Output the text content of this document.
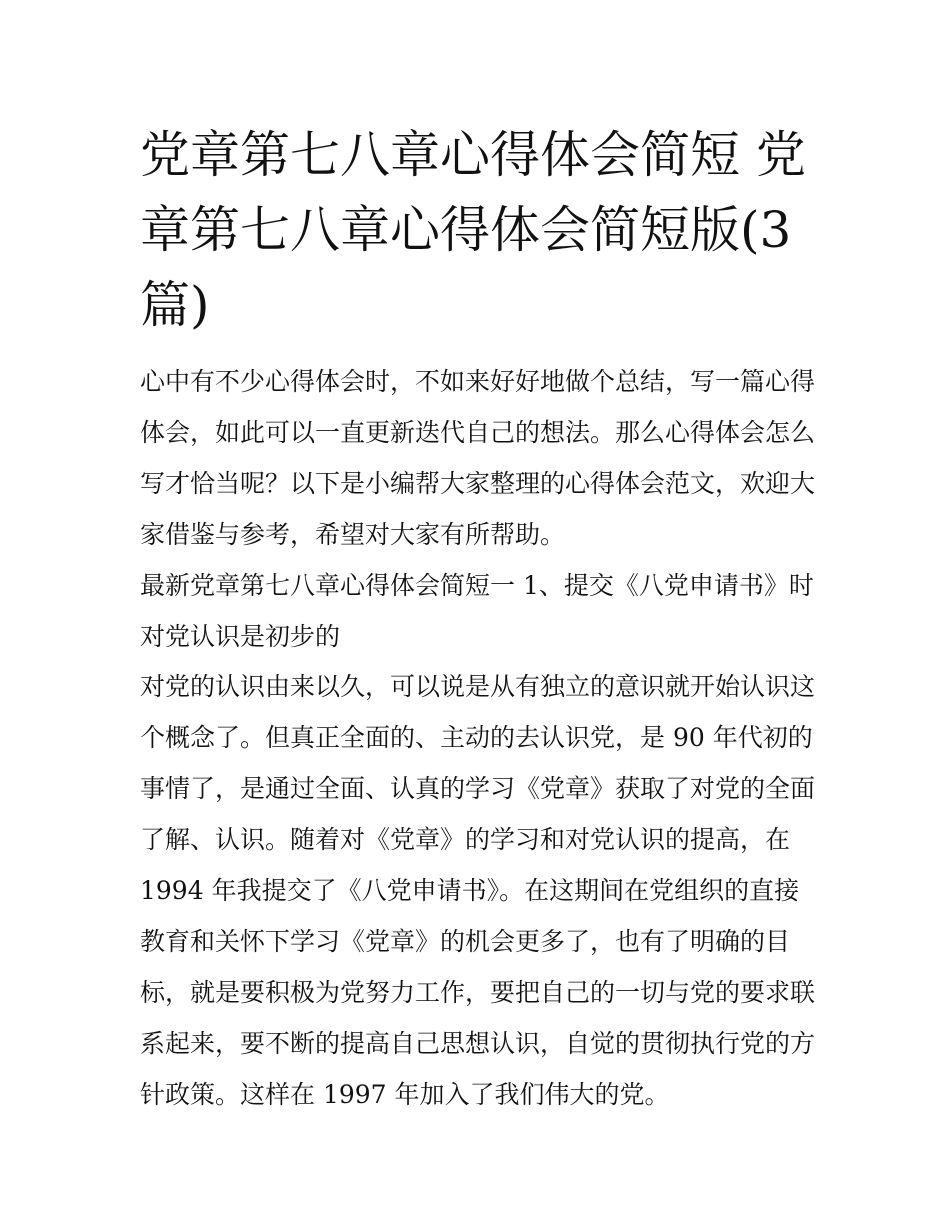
党章第七八章心得体会简短 党
章第七八章心得体会简短版(3
篇)
心中有不少心得体会时，不如来好好地做个总结，写一篇心得
体会，如此可以一直更新迭代自己的想法。那么心得体会怎么
写才恰当呢？以下是小编帮大家整理的心得体会范文，欢迎大
家借鉴与参考，希望对大家有所帮助。
最新党章第七八章心得体会简短一 1、提交《八党申请书》时
对党认识是初步的
对党的认识由来以久，可以说是从有独立的意识就开始认识这
个概念了。但真正全面的、主动的去认识党，是 90 年代初的
事情了，是通过全面、认真的学习《党章》获取了对党的全面
了解、认识。随着对《党章》的学习和对党认识的提高，在
1994 年我提交了《八党申请书》。在这期间在党组织的直接
教育和关怀下学习《党章》的机会更多了，也有了明确的目
标，就是要积极为党努力工作，要把自己的一切与党的要求联
系起来，要不断的提高自己思想认识，自觉的贯彻执行党的方
针政策。这样在 1997 年加入了我们伟大的党。
